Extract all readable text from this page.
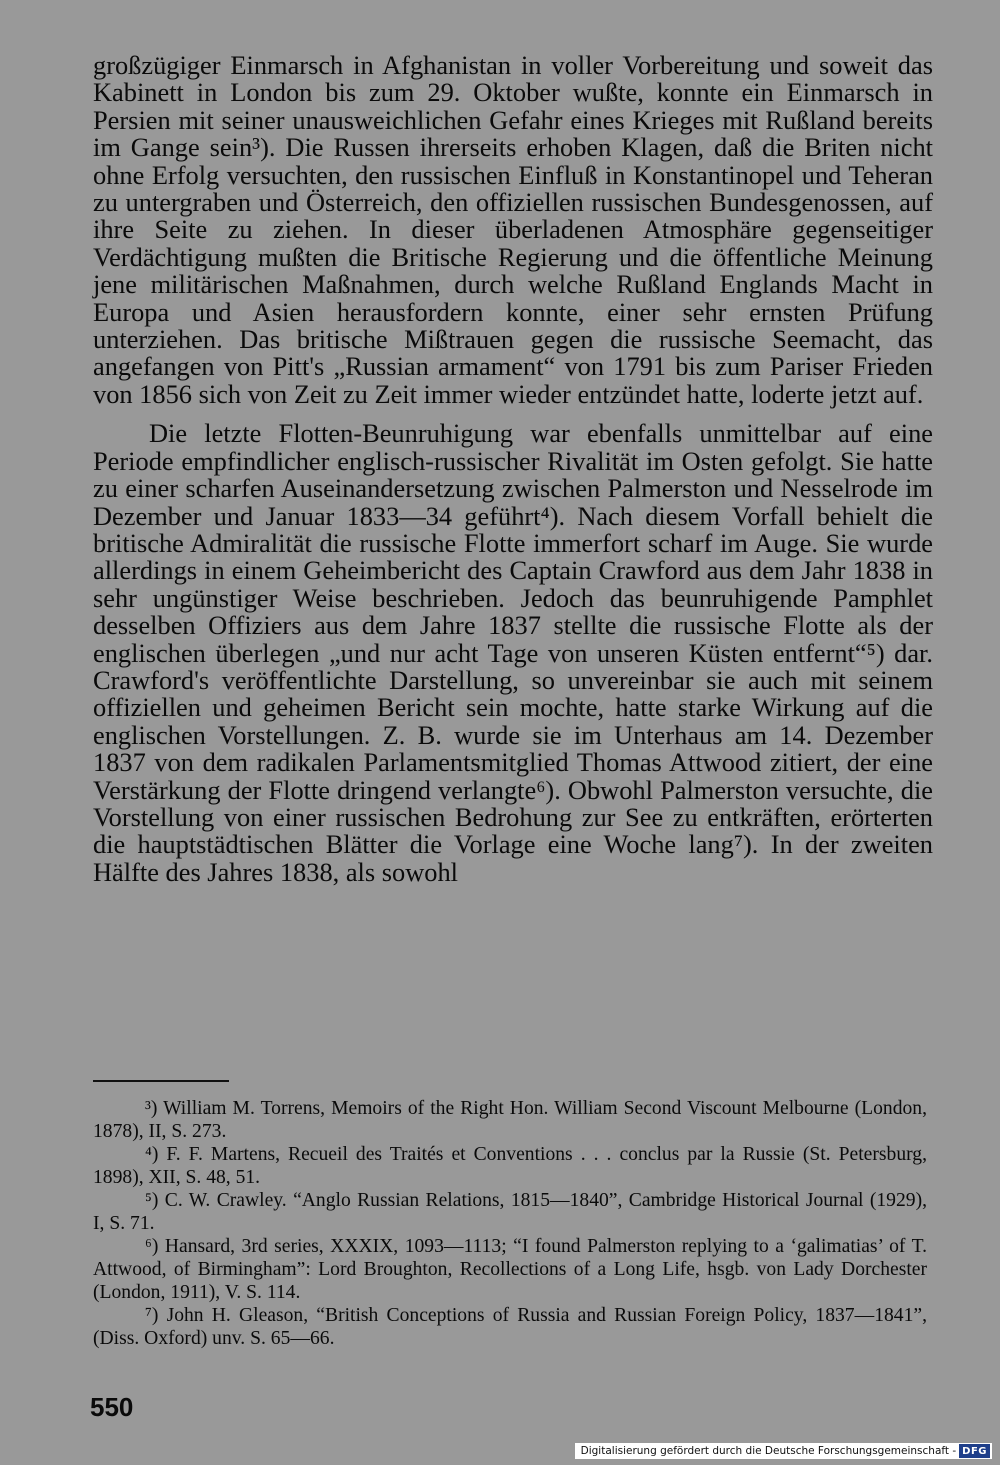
großzügiger Einmarsch in Afghanistan in voller Vorbereitung und soweit das Kabinett in London bis zum 29. Oktober wußte, konnte ein Einmarsch in Persien mit seiner unausweichlichen Gefahr eines Krieges mit Rußland bereits im Gange sein³). Die Russen ihrerseits erhoben Klagen, daß die Briten nicht ohne Erfolg versuchten, den russischen Einfluß in Konstantinopel und Teheran zu untergraben und Österreich, den offiziellen russischen Bundesgenossen, auf ihre Seite zu ziehen. In dieser überladenen Atmosphäre gegenseitiger Verdächtigung mußten die Britische Regierung und die öffentliche Meinung jene militärischen Maßnahmen, durch welche Rußland Englands Macht in Europa und Asien herausfordern konnte, einer sehr ernsten Prüfung unterziehen. Das britische Mißtrauen gegen die russische Seemacht, das angefangen von Pitt's „Russian armament“ von 1791 bis zum Pariser Frieden von 1856 sich von Zeit zu Zeit immer wieder entzündet hatte, loderte jetzt auf.

Die letzte Flotten-Beunruhigung war ebenfalls unmittelbar auf eine Periode empfindlicher englisch-russischer Rivalität im Osten gefolgt. Sie hatte zu einer scharfen Auseinandersetzung zwischen Palmerston und Nesselrode im Dezember und Januar 1833—34 geführt⁴). Nach diesem Vorfall behielt die britische Admiralität die russische Flotte immerfort scharf im Auge. Sie wurde allerdings in einem Geheimbericht des Captain Crawford aus dem Jahr 1838 in sehr ungünstiger Weise beschrieben. Jedoch das beunruhigende Pamphlet desselben Offiziers aus dem Jahre 1837 stellte die russische Flotte als der englischen überlegen „und nur acht Tage von unseren Küsten entfernt“⁵) dar. Crawford's veröffentlichte Darstellung, so unvereinbar sie auch mit seinem offiziellen und geheimen Bericht sein mochte, hatte starke Wirkung auf die englischen Vorstellungen. Z. B. wurde sie im Unterhaus am 14. Dezember 1837 von dem radikalen Parlamentsmitglied Thomas Attwood zitiert, der eine Verstärkung der Flotte dringend verlangte⁶). Obwohl Palmerston versuchte, die Vorstellung von einer russischen Bedrohung zur See zu entkräften, erörterten die hauptstädtischen Blätter die Vorlage eine Woche lang⁷). In der zweiten Hälfte des Jahres 1838, als sowohl

³) William M. Torrens, Memoirs of the Right Hon. William Second Viscount Melbourne (London, 1878), II, S. 273.

⁴) F. F. Martens, Recueil des Traités et Conventions . . . conclus par la Russie (St. Petersburg, 1898), XII, S. 48, 51.

⁵) C. W. Crawley. “Anglo Russian Relations, 1815—1840”, Cambridge Historical Journal (1929), I, S. 71.

⁶) Hansard, 3rd series, XXXIX, 1093—1113; “I found Palmerston replying to a ‘galimatias’ of T. Attwood, of Birmingham”: Lord Broughton, Recollections of a Long Life, hsgb. von Lady Dorchester (London, 1911), V. S. 114.

⁷) John H. Gleason, “British Conceptions of Russia and Russian Foreign Policy, 1837—1841”, (Diss. Oxford) unv. S. 65—66.

550
Digitalisierung gefördert durch die Deutsche Forschungsgemeinschaft - DFG
